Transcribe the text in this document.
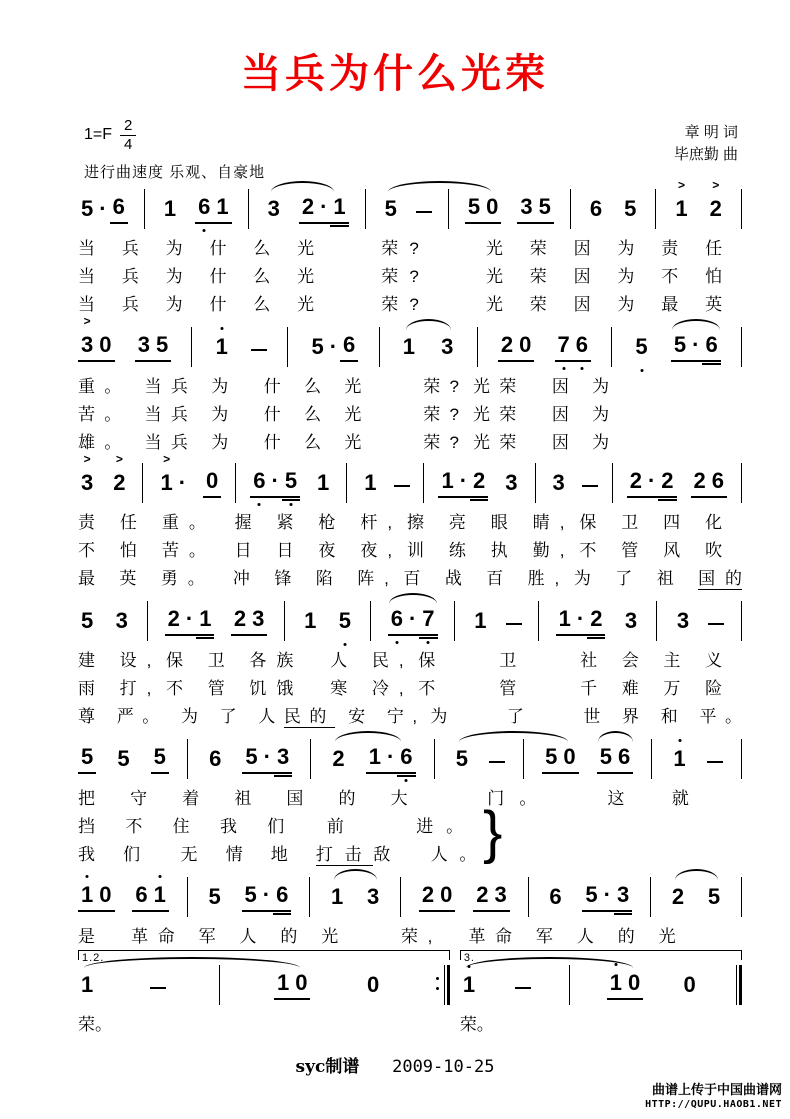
当兵为什么光荣
$1=F \frac{2}{4}$
进行曲速度 乐观、自豪地
章 明 词
毕庶勤 曲
5 · 6 1 6 1 3 2 · 1 5	5 0 3 5 6 5 1
>
2
>
当 兵 为 什 么 光　　荣?　　光 荣 因 为 责 任
当 兵 为 什 么 光　　荣?　　光 荣 因 为 不 怕
当 兵 为 什 么 光　　荣?　　光 荣 因 为 最 英
3
>
0 3 5 1	5 · 6 1 3 2 0 7 6 5 5 · 6
重。 当兵 为　什 么 光　　荣? 光荣　因 为
苦。 当兵 为　什 么 光　　荣? 光荣　因 为
雄。 当兵 为　什 么 光　　荣? 光荣　因 为
3
>
2
>
1
>
· 0 6 · 5 1 1	1 · 2 3 3	2 · 2 2 6
责 任 重。　握 紧 枪 杆, 擦 亮 眼 睛, 保 卫 四 化
不 怕 苦。　日 日 夜 夜, 训 练 执 勤, 不 管 风 吹
最 英 勇。　冲 锋 陷 阵, 百 战 百 胜, 为 了 祖 国的
5 3 2 · 1 2 3 1 5 6 · 7 1	1 · 2 3 3
建 设, 保 卫 各族　人 民, 保　　卫　　社 会 主 义
雨 打, 不 管 饥饿　寒 冷, 不　　管　　千 难 万 险
尊 严。 为 了 人民的 安 宁, 为　　了　　世 界 和 平。
5 5 5 6 5 · 3 2 1 · 6 5	5 0 5 6 1
把 守 着 祖 国 的 大　　门。　　这　就
挡 不 住 我 们　前　　进。
我 们　无 情 地 打击敌　人。 }
1 0 6 1 5 5 · 6 1 3 2 0 2 3 6 5 · 3 2 5
是　革命 军 人 的 光　　荣,　革命 军 人 的 光
1.2.
1	1 0	0
荣。
3.
1	1 0 0
荣。
syc制谱 2009-10-25
曲谱上传于中国曲谱网
HTTP://QUPU.HAOB1.NET
